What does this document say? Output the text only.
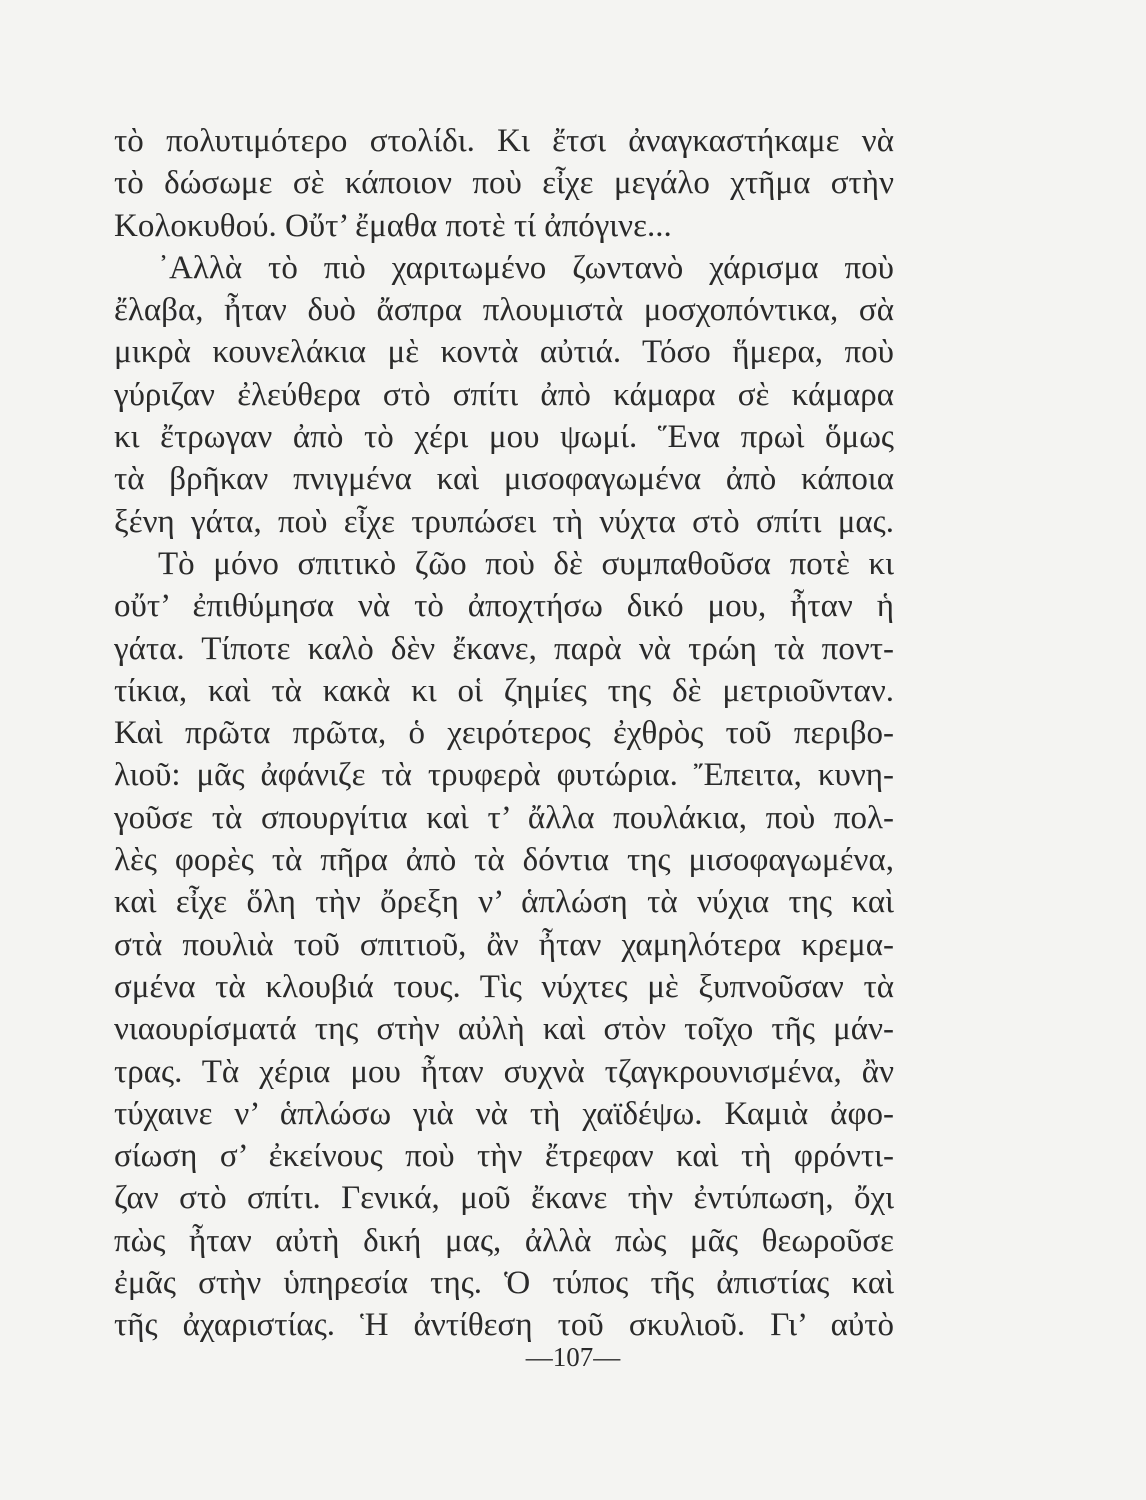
τὸ πολυτιμότερο στολίδι. Κι ἔτσι ἀναγκαστήκαμε νὰ
τὸ δώσωμε σὲ κάποιον ποὺ εἶχε μεγάλο χτῆμα στὴν
Κολοκυθού. Οὔτ’ ἔμαθα ποτὲ τί ἀπόγινε...
᾿Αλλὰ τὸ πιὸ χαριτωμένο ζωντανὸ χάρισμα ποὺ
ἔλαβα, ἦταν δυὸ ἄσπρα πλουμιστὰ μοσχοπόντικα, σὰ
μικρὰ κουνελάκια μὲ κοντὰ αὐτιά. Τόσο ἥμερα, ποὺ
γύριζαν ἐλεύθερα στὸ σπίτι ἀπὸ κάμαρα σὲ κάμαρα
κι ἔτρωγαν ἀπὸ τὸ χέρι μου ψωμί. Ἕνα πρωὶ ὅμως
τὰ βρῆκαν πνιγμένα καὶ μισοφαγωμένα ἀπὸ κάποια
ξένη γάτα, ποὺ εἶχε τρυπώσει τὴ νύχτα στὸ σπίτι μας.
Τὸ μόνο σπιτικὸ ζῶο ποὺ δὲ συμπαθοῦσα ποτὲ κι
οὔτ’ ἐπιθύμησα νὰ τὸ ἀποχτήσω δικό μου, ἦταν ἡ
γάτα. Τίποτε καλὸ δὲν ἔκανε, παρὰ νὰ τρώη τὰ ποντ-
τίκια, καὶ τὰ κακὰ κι οἱ ζημίες της δὲ μετριοῦνταν.
Καὶ πρῶτα πρῶτα, ὁ χειρότερος ἐχθρὸς τοῦ περιβο-
λιοῦ: μᾶς ἀφάνιζε τὰ τρυφερὰ φυτώρια. Ἔπειτα, κυνη-
γοῦσε τὰ σπουργίτια καὶ τ’ ἄλλα πουλάκια, ποὺ πολ-
λὲς φορὲς τὰ πῆρα ἀπὸ τὰ δόντια της μισοφαγωμένα,
καὶ εἶχε ὅλη τὴν ὄρεξη ν’ ἁπλώση τὰ νύχια της καὶ
στὰ πουλιὰ τοῦ σπιτιοῦ, ἂν ἦταν χαμηλότερα κρεμα-
σμένα τὰ κλουβιά τους. Τὶς νύχτες μὲ ξυπνοῦσαν τὰ
νιαουρίσματά της στὴν αὐλὴ καὶ στὸν τοῖχο τῆς μάν-
τρας. Τὰ χέρια μου ἦταν συχνὰ τζαγκρουνισμένα, ἂν
τύχαινε ν’ ἁπλώσω γιὰ νὰ τὴ χαϊδέψω. Καμιὰ ἀφο-
σίωση σ’ ἐκείνους ποὺ τὴν ἔτρεφαν καὶ τὴ φρόντι-
ζαν στὸ σπίτι. Γενικά, μοῦ ἔκανε τὴν ἐντύπωση, ὄχι
πὼς ἦταν αὐτὴ δική μας, ἀλλὰ πὼς μᾶς θεωροῦσε
ἐμᾶς στὴν ὑπηρεσία της. Ὁ τύπος τῆς ἀπιστίας καὶ
τῆς ἀχαριστίας. Ἡ ἀντίθεση τοῦ σκυλιοῦ. Γι’ αὐτὸ
—107—
